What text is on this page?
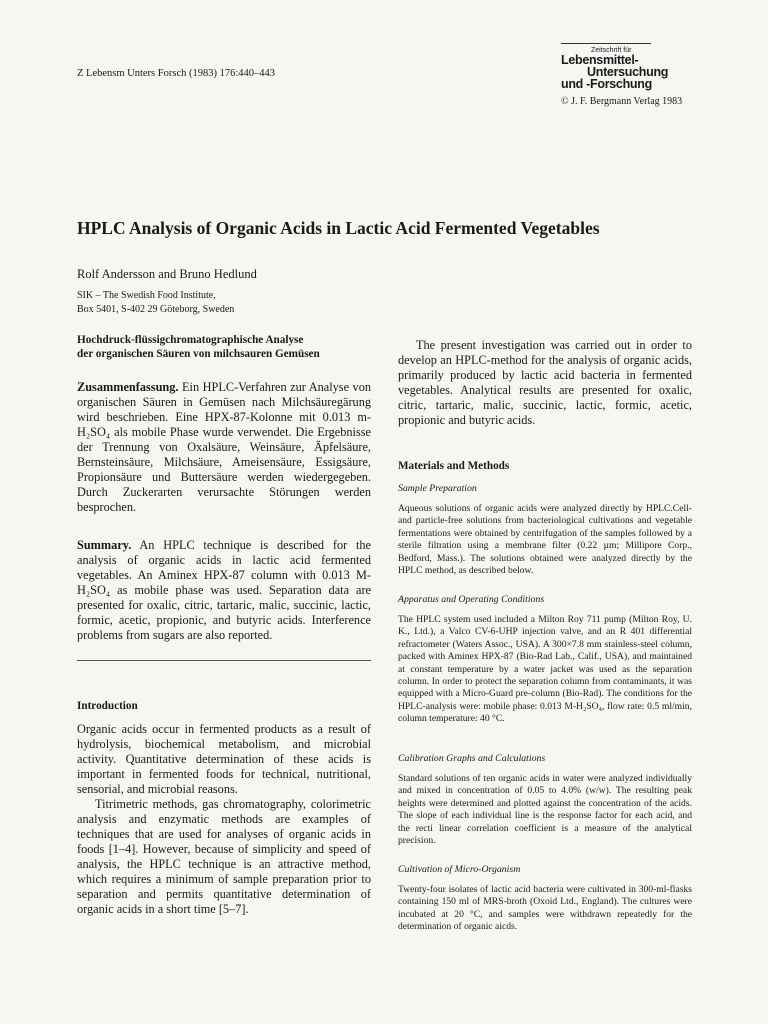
Z Lebensm Unters Forsch (1983) 176:440–443
Zeitschrift für
Lebensmittel-
Untersuchung
und -Forschung
© J. F. Bergmann Verlag 1983
HPLC Analysis of Organic Acids in Lactic Acid Fermented Vegetables
Rolf Andersson and Bruno Hedlund
SIK – The Swedish Food Institute,
Box 5401, S-402 29 Göteborg, Sweden
Hochdruck-flüssigchromatographische Analyse
der organischen Säuren von milchsauren Gemüsen

Zusammenfassung. Ein HPLC-Verfahren zur Analyse von organischen Säuren in Gemüsen nach Milchsäuregärung wird beschrieben. Eine HPX-87-Kolonne mit 0.013 m-H₂SO₄ als mobile Phase wurde verwendet. Die Ergebnisse der Trennung von Oxalsäure, Weinsäure, Äpfelsäure, Bernsteinsäure, Milchsäure, Ameisensäure, Essigsäure, Propionsäure und Buttersäure werden wiedergegeben. Durch Zuckerarten verursachte Störungen werden besprochen.

Summary. An HPLC technique is described for the analysis of organic acids in lactic acid fermented vegetables. An Aminex HPX-87 column with 0.013 M-H₂SO₄ as mobile phase was used. Separation data are presented for oxalic, citric, tartaric, malic, succinic, lactic, formic, acetic, propionic, and butyric acids. Interference problems from sugars are also reported.

Introduction

Organic acids occur in fermented products as a result of hydrolysis, biochemical metabolism, and microbial activity. Quantitative determination of these acids is important in fermented foods for technical, nutritional, sensorial, and microbial reasons.

Titrimetric methods, gas chromatography, colorimetric analysis and enzymatic methods are examples of techniques that are used for analyses of organic acids in foods [1–4]. However, because of simplicity and speed of analysis, the HPLC technique is an attractive method, which requires a minimum of sample preparation prior to separation and permits quantitative determination of organic acids in a short time [5–7].

The present investigation was carried out in order to develop an HPLC-method for the analysis of organic acids, primarily produced by lactic acid bacteria in fermented vegetables. Analytical results are presented for oxalic, citric, tartaric, malic, succinic, lactic, formic, acetic, propionic and butyric acids.
Materials and Methods
Sample Preparation
Aqueous solutions of organic acids were analyzed directly by HPLC.Cell- and particle-free solutions from bacteriological cultivations and vegetable fermentations were obtained by centrifugation of the samples followed by a sterile filtration using a membrane filter (0.22 µm; Millipore Corp., Bedford, Mass.). The solutions obtained were analyzed directly by the HPLC method, as described below.
Apparatus and Operating Conditions
The HPLC system used included a Milton Roy 711 pump (Milton Roy, U. K., Ltd.), a Valco CV-6-UHP injection valve, and an R 401 differential refractometer (Waters Assoc., USA). A 300×7.8 mm stainless-steel column, packed with Aminex HPX-87 (Bio-Rad Lab., Calif., USA), and maintained at constant temperature by a water jacket was used as the separation column. In order to protect the separation column from contaminants, it was equipped with a Micro-Guard pre-column (Bio-Rad). The conditions for the HPLC-analysis were: mobile phase: 0.013 M-H₂SO₄, flow rate: 0.5 ml/min, column temperature: 40 °C.
Calibration Graphs and Calculations
Standard solutions of ten organic acids in water were analyzed individually and mixed in concentration of 0.05 to 4.0% (w/w). The resulting peak heights were determined and plotted against the concentration of the acids. The slope of each individual line is the response factor for each acid, and the recti linear correlation coefficient is a measure of the analytical precision.
Cultivation of Micro-Organism
Twenty-four isolates of lactic acid bacteria were cultivated in 300-ml-flasks containing 150 ml of MRS-broth (Oxoid Ltd., England). The cultures were incubated at 20 °C, and samples were withdrawn repeatedly for the determination of organic aicds.
